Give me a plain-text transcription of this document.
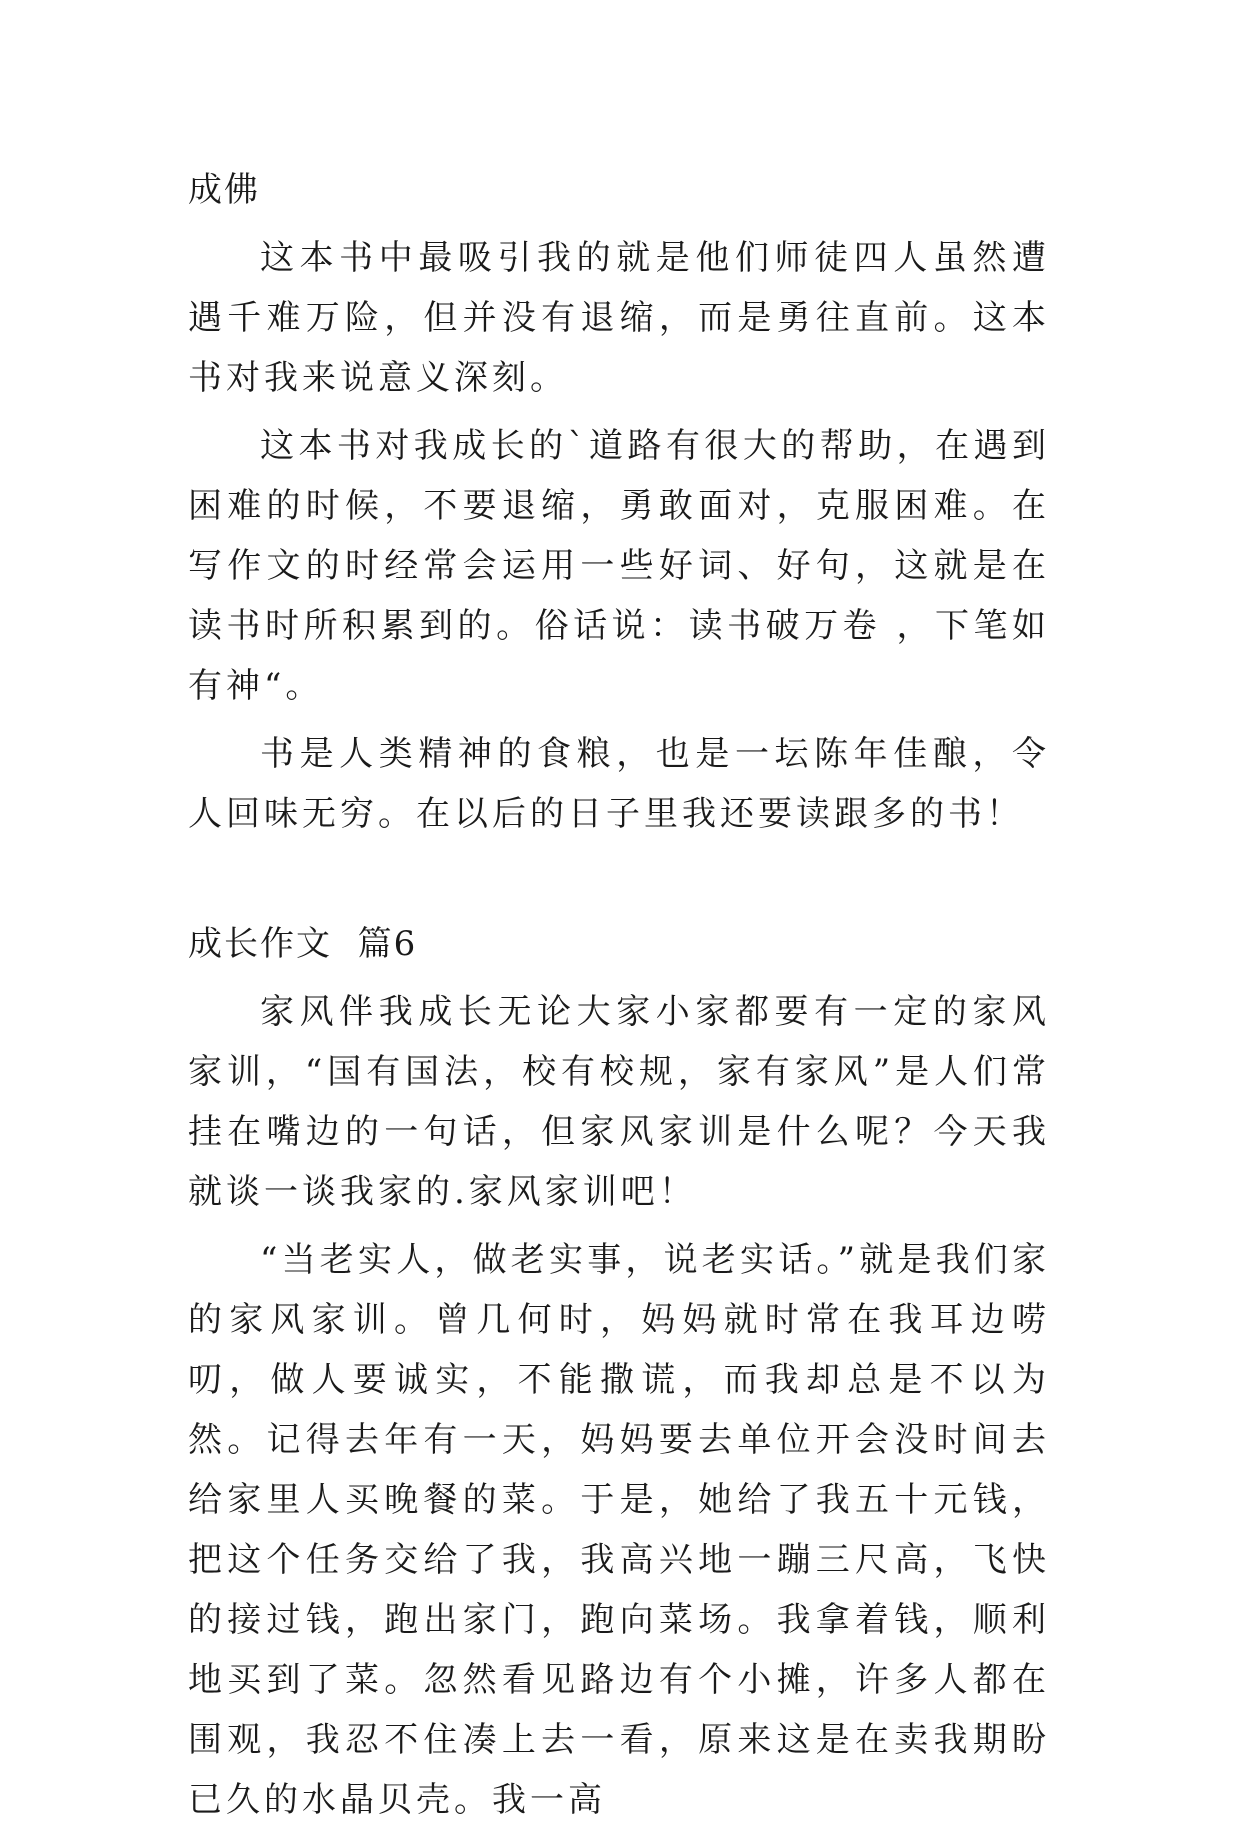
成佛

这本书中最吸引我的就是他们师徒四人虽然遭遇千难万险，但并没有退缩，而是勇往直前。这本书对我来说意义深刻。

这本书对我成长的`道路有很大的帮助，在遇到困难的时候，不要退缩，勇敢面对，克服困难。在写作文的时经常会运用一些好词、好句，这就是在读书时所积累到的。俗话说：读书破万卷 ，下笔如有神“。

书是人类精神的食粮，也是一坛陈年佳酿，令人回味无穷。在以后的日子里我还要读跟多的书！

成长作文  篇6

家风伴我成长无论大家小家都要有一定的家风家训，“国有国法，校有校规，家有家风”是人们常挂在嘴边的一句话，但家风家训是什么呢？今天我就谈一谈我家的.家风家训吧！

“当老实人，做老实事，说老实话。”就是我们家的家风家训。曾几何时，妈妈就时常在我耳边唠叨，做人要诚实，不能撒谎，而我却总是不以为然。记得去年有一天，妈妈要去单位开会没时间去给家里人买晚餐的菜。于是，她给了我五十元钱，把这个任务交给了我，我高兴地一蹦三尺高，飞快的接过钱，跑出家门，跑向菜场。我拿着钱，顺利地买到了菜。忽然看见路边有个小摊，许多人都在围观，我忍不住凑上去一看，原来这是在卖我期盼已久的水晶贝壳。我一高
